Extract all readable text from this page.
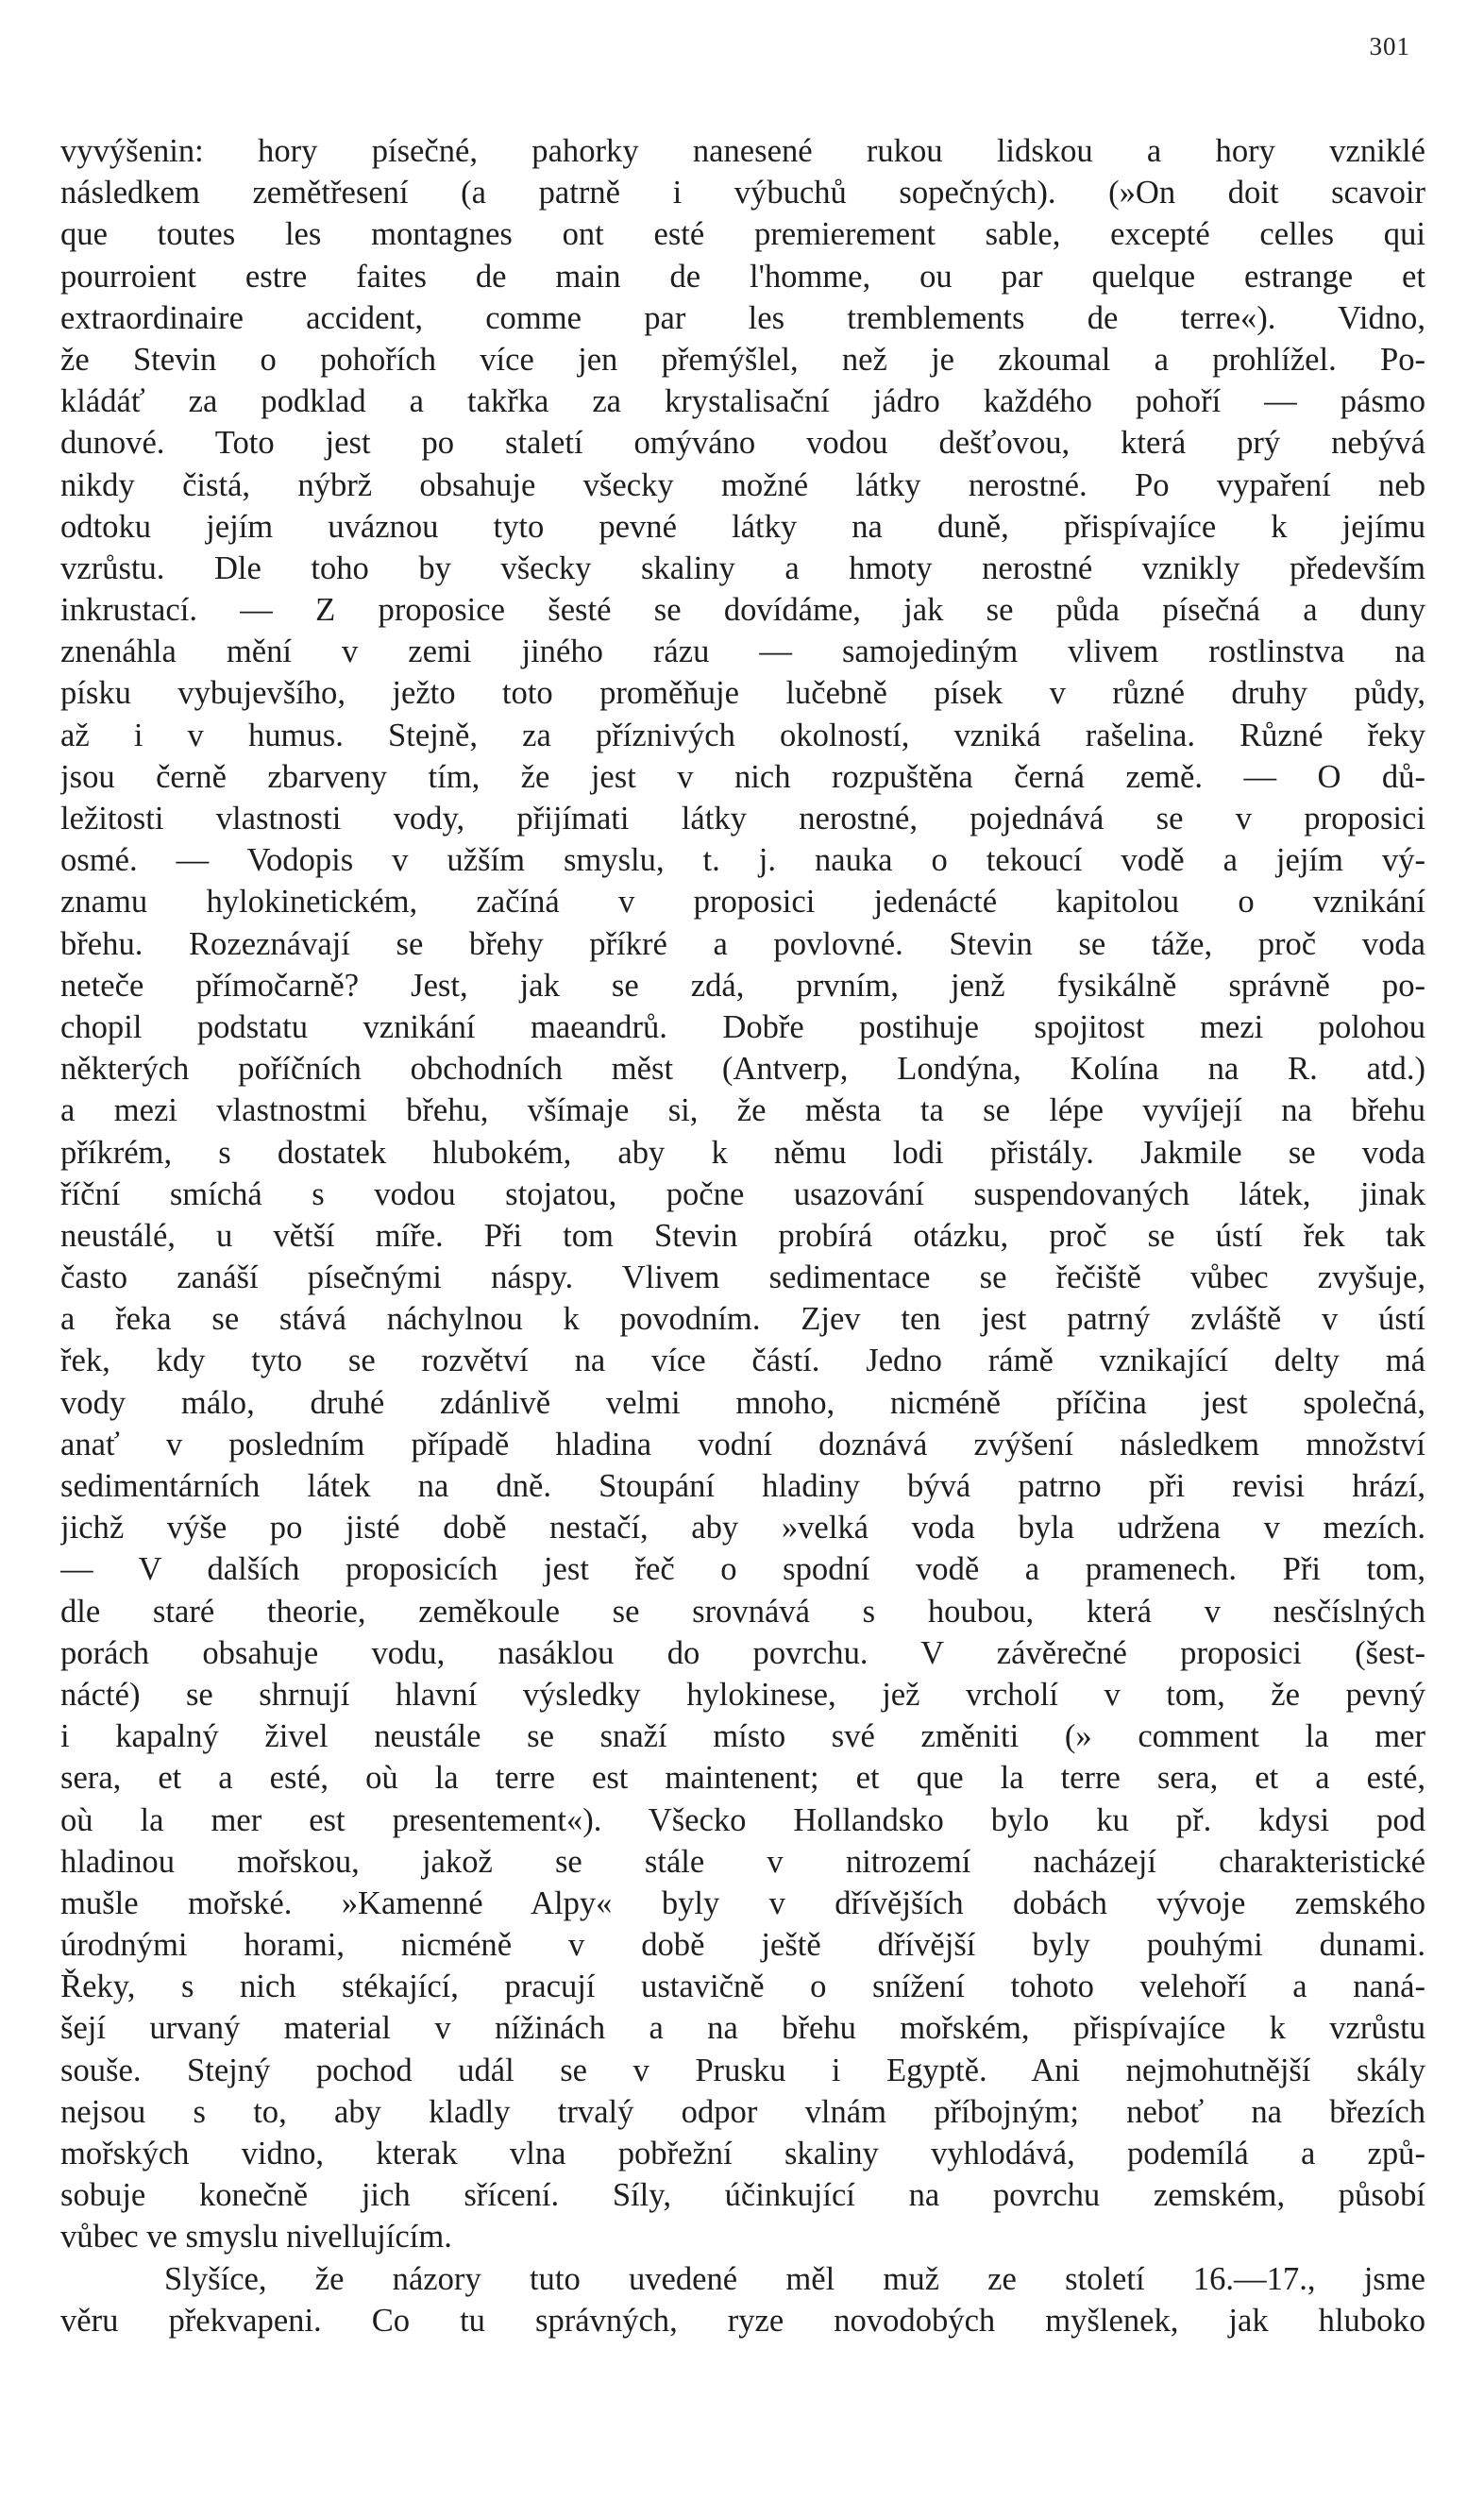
301
vyvýšenin: hory písečné, pahorky nanesené rukou lidskou a hory vzniklé
následkem zemětřesení (a patrně i výbuchů sopečných). (»On doit scavoir
que toutes les montagnes ont esté premierement sable, excepté celles qui
pourroient estre faites de main de l'homme, ou par quelque estrange et
extraordinaire accident, comme par les tremblements de terre«). Vidno,
že Stevin o pohořích více jen přemýšlel, než je zkoumal a prohlížel. Po-
kládáť za podklad a takřka za krystalisační jádro každého pohoří — pásmo
dunové. Toto jest po staletí omýváno vodou dešťovou, která prý nebývá
nikdy čistá, nýbrž obsahuje všecky možné látky nerostné. Po vypaření neb
odtoku jejím uváznou tyto pevné látky na duně, přispívajíce k jejímu
vzrůstu. Dle toho by všecky skaliny a hmoty nerostné vznikly především
inkrustací. — Z proposice šesté se dovídáme, jak se půda písečná a duny
znenáhla mění v zemi jiného rázu — samojediným vlivem rostlinstva na
písku vybujevšího, ježto toto proměňuje lučebně písek v různé druhy půdy,
až i v humus. Stejně, za příznivých okolností, vzniká rašelina. Různé řeky
jsou černě zbarveny tím, že jest v nich rozpuštěna černá země. — O dů-
ležitosti vlastnosti vody, přijímati látky nerostné, pojednává se v proposici
osmé. — Vodopis v užším smyslu, t. j. nauka o tekoucí vodě a jejím vý-
znamu hylokinetickém, začíná v proposici jedenácté kapitolou o vznikání
břehu. Rozeznávají se břehy příkré a povlovné. Stevin se táže, proč voda
neteče přímočarně? Jest, jak se zdá, prvním, jenž fysikálně správně po-
chopil podstatu vznikání maeandrů. Dobře postihuje spojitost mezi polohou
některých poříčních obchodních měst (Antverp, Londýna, Kolína na R. atd.)
a mezi vlastnostmi břehu, všímaje si, že města ta se lépe vyvíjejí na břehu
příkrém, s dostatek hlubokém, aby k němu lodi přistály. Jakmile se voda
říční smíchá s vodou stojatou, počne usazování suspendovaných látek, jinak
neustálé, u větší míře. Při tom Stevin probírá otázku, proč se ústí řek tak
často zanáší písečnými náspy. Vlivem sedimentace se řečiště vůbec zvyšuje,
a řeka se stává náchylnou k povodním. Zjev ten jest patrný zvláště v ústí
řek, kdy tyto se rozvětví na více částí. Jedno rámě vznikající delty má
vody málo, druhé zdánlivě velmi mnoho, nicméně příčina jest společná,
anať v posledním případě hladina vodní doznává zvýšení následkem množství
sedimentárních látek na dně. Stoupání hladiny bývá patrno při revisi hrází,
jichž výše po jisté době nestačí, aby »velká voda byla udržena v mezích.
— V dalších proposicích jest řeč o spodní vodě a pramenech. Při tom,
dle staré theorie, zeměkoule se srovnává s houbou, která v nesčíslných
porách obsahuje vodu, nasáklou do povrchu. V závěrečné proposici (šest-
nácté) se shrnují hlavní výsledky hylokinese, jež vrcholí v tom, že pevný
i kapalný živel neustále se snaží místo své změniti (» comment la mer
sera, et a esté, où la terre est maintenent; et que la terre sera, et a esté,
où la mer est presentement«). Všecko Hollandsko bylo ku př. kdysi pod
hladinou mořskou, jakož se stále v nitrozemí nacházejí charakteristické
mušle mořské. »Kamenné Alpy« byly v dřívějších dobách vývoje zemského
úrodnými horami, nicméně v době ještě dřívější byly pouhými dunami.
Řeky, s nich stékající, pracují ustavičně o snížení tohoto velehoří a naná-
šejí urvaný material v nížinách a na břehu mořském, přispívajíce k vzrůstu
souše. Stejný pochod udál se v Prusku i Egyptě. Ani nejmohutnější skály
nejsou s to, aby kladly trvalý odpor vlnám příbojným; neboť na březích
mořských vidno, kterak vlna pobřežní skaliny vyhlodává, podemílá a způ-
sobuje konečně jich sřícení. Síly, účinkující na povrchu zemském, působí
vůbec ve smyslu nivellujícím.
Slyšíce, že názory tuto uvedené měl muž ze století 16.—17., jsme
věru překvapeni. Co tu správných, ryze novodobých myšlenek, jak hluboko
